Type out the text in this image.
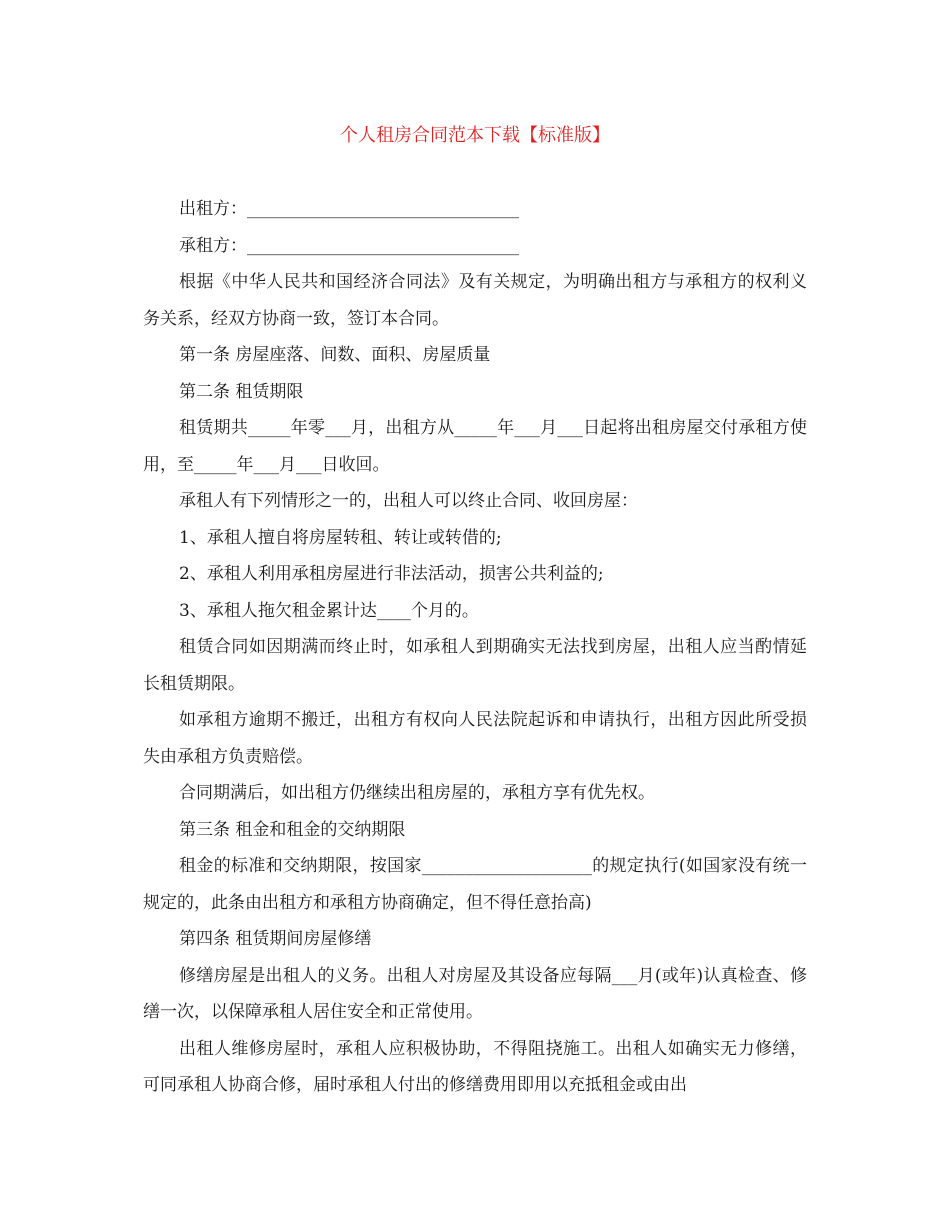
个人租房合同范本下载【标准版】

出租方：________________________________

承租方：________________________________

根据《中华人民共和国经济合同法》及有关规定，为明确出租方与承租方的权利义务关系，经双方协商一致，签订本合同。

第一条 房屋座落、间数、面积、房屋质量

第二条 租赁期限

租赁期共_____年零___月，出租方从_____年___月___日起将出租房屋交付承租方使用，至_____年___月___日收回。

承租人有下列情形之一的，出租人可以终止合同、收回房屋：

1、承租人擅自将房屋转租、转让或转借的;

2、承租人利用承租房屋进行非法活动，损害公共利益的;

3、承租人拖欠租金累计达____个月的。

租赁合同如因期满而终止时，如承租人到期确实无法找到房屋，出租人应当酌情延长租赁期限。

如承租方逾期不搬迁，出租方有权向人民法院起诉和申请执行，出租方因此所受损失由承租方负责赔偿。

合同期满后，如出租方仍继续出租房屋的，承租方享有优先权。

第三条 租金和租金的交纳期限

租金的标准和交纳期限，按国家____________________的规定执行(如国家没有统一规定的，此条由出租方和承租方协商确定，但不得任意抬高)

第四条 租赁期间房屋修缮

修缮房屋是出租人的义务。出租人对房屋及其设备应每隔___月(或年)认真检查、修缮一次，以保障承租人居住安全和正常使用。

出租人维修房屋时，承租人应积极协助，不得阻挠施工。出租人如确实无力修缮，可同承租人协商合修，届时承租人付出的修缮费用即用以充抵租金或由出
